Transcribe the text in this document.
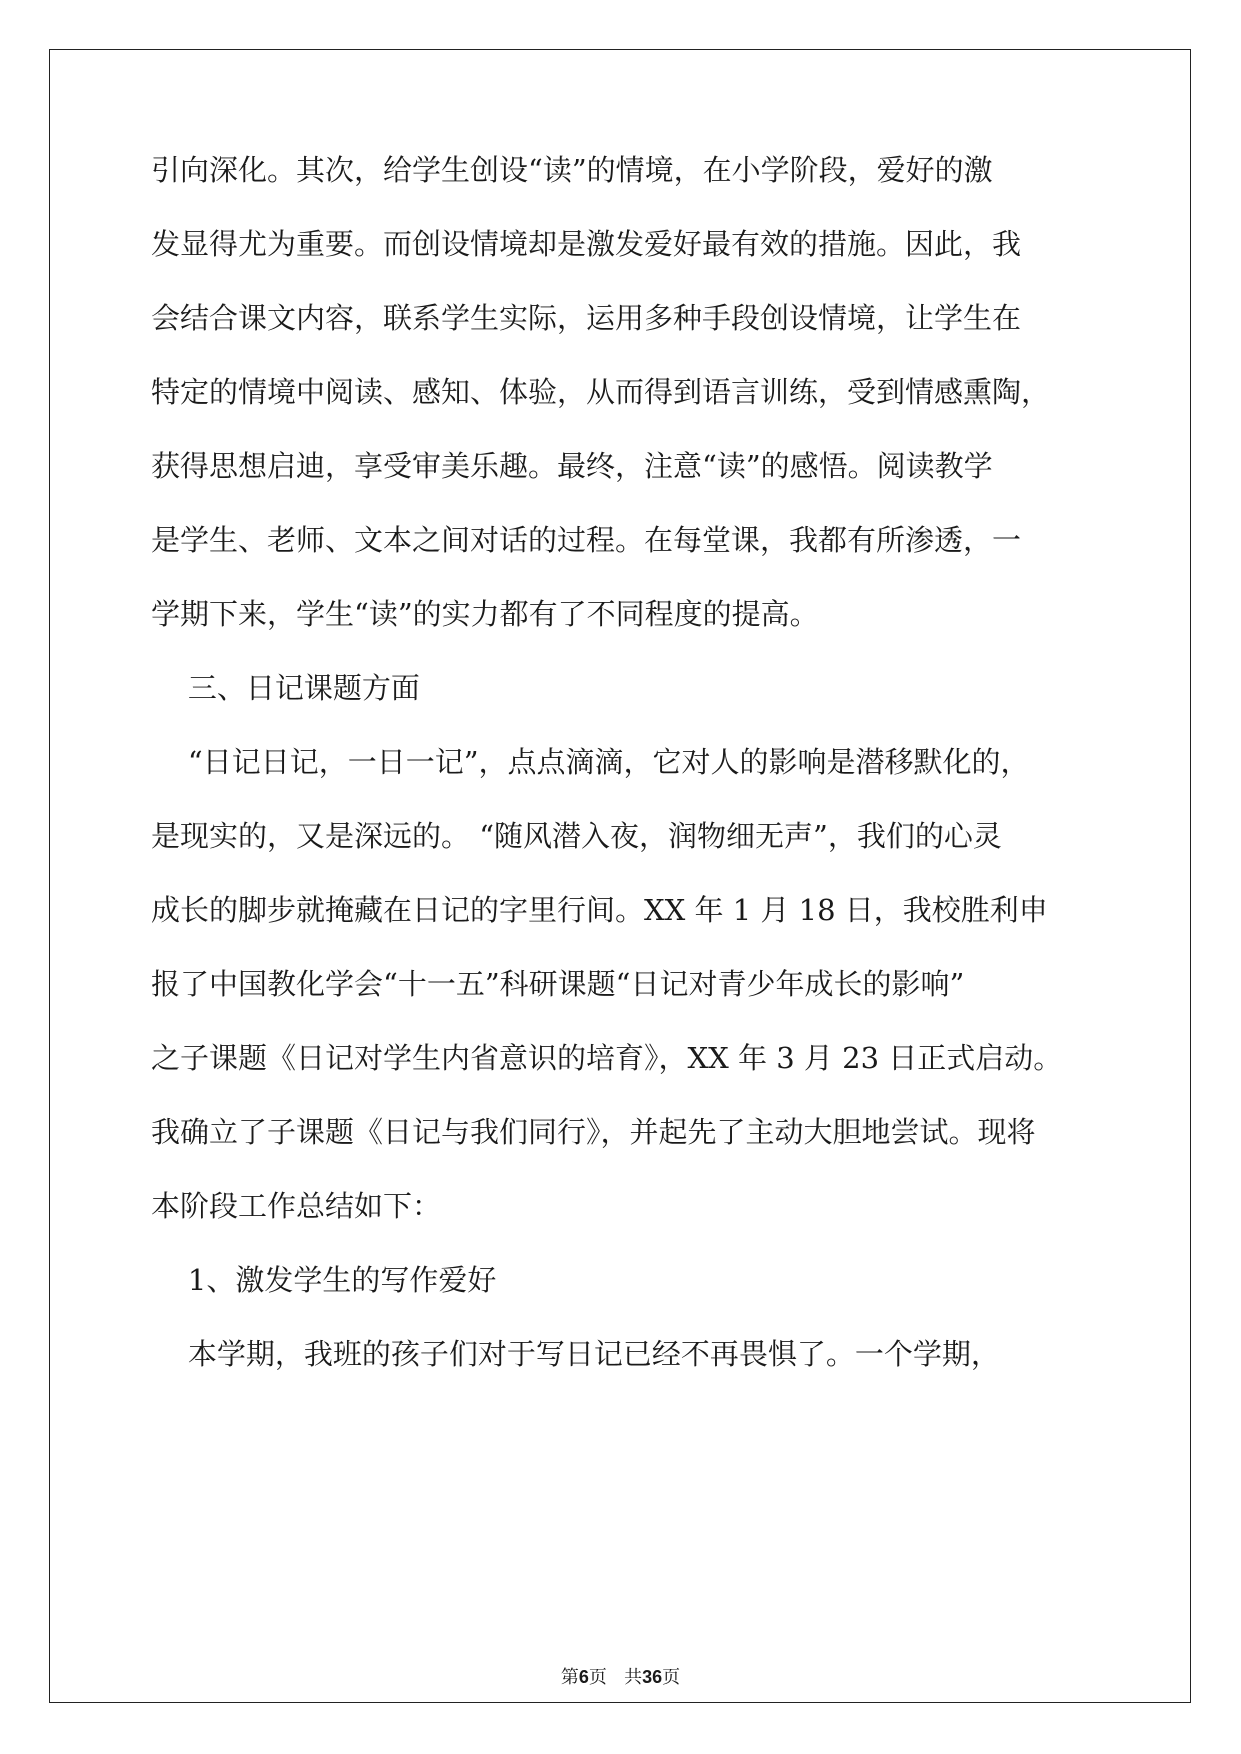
引向深化。其次，给学生创设“读”的情境，在小学阶段，爱好的激

发显得尤为重要。而创设情境却是激发爱好最有效的措施。因此，我

会结合课文内容，联系学生实际，运用多种手段创设情境，让学生在

特定的情境中阅读、感知、体验，从而得到语言训练，受到情感熏陶，

获得思想启迪，享受审美乐趣。最终，注意“读”的感悟。阅读教学

是学生、老师、文本之间对话的过程。在每堂课，我都有所渗透，一

学期下来，学生“读”的实力都有了不同程度的提高。

三、日记课题方面

“日记日记，一日一记”，点点滴滴，它对人的影响是潜移默化的，

是现实的，又是深远的。 “随风潜入夜，润物细无声”，我们的心灵

成长的脚步就掩藏在日记的字里行间。XX 年 1 月 18 日，我校胜利申

报了中国教化学会“十一五”科研课题“日记对青少年成长的影响”

之子课题《日记对学生内省意识的培育》，XX 年 3 月 23 日正式启动。

我确立了子课题《日记与我们同行》，并起先了主动大胆地尝试。现将

本阶段工作总结如下：

1、激发学生的写作爱好

本学期，我班的孩子们对于写日记已经不再畏惧了。一个学期，

第6页 共36页
